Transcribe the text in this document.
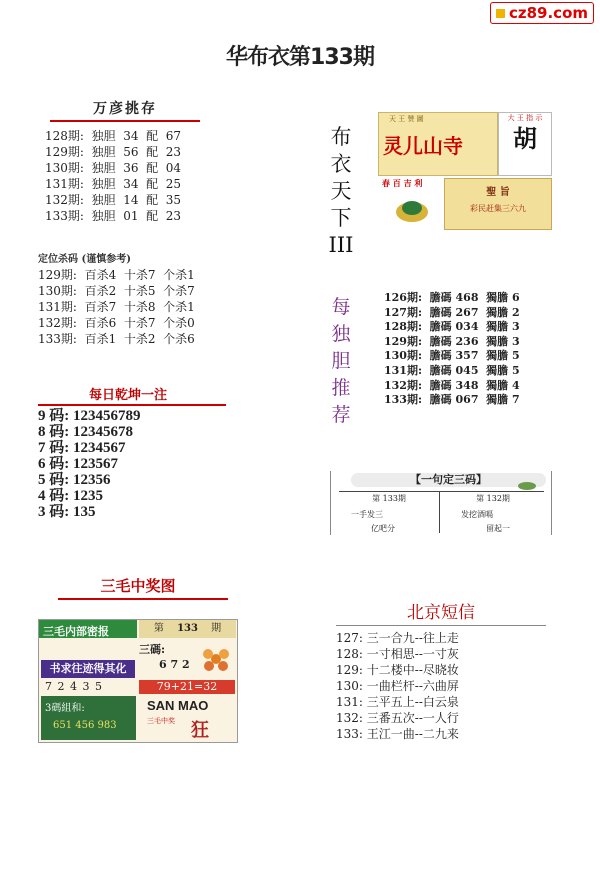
cz89.com
华布衣第133期
万彦挑存
128期:  独胆  34  配  67
129期:  独胆  56  配  23
130期:  独胆  36  配  04
131期:  独胆  34  配  25
132期:  独胆  14  配  35
133期:  独胆  01  配  23
定位杀码 (谨慎参考)
129期:  百杀4  十杀7  个杀1
130期:  百杀2  十杀5  个杀7
131期:  百杀7  十杀8  个杀1
132期:  百杀6  十杀7  个杀0
133期:  百杀1  十杀2  个杀6
每日乾坤一注
9 码: 123456789
8 码: 12345678
7 码: 1234567
6 码: 123567
5 码: 12356
4 码: 1235
3 码: 135
三毛中奖图
三毛内部密报	第 133 期
三碼:
6 7 2
书求往迹得其化
7 2 4 3 5	79+21=32
3碼組和:
651 456 983
SAN MAO
三毛中奖 狂
布
衣
天
下
III
天 王 赞 圖
灵儿山寺
大 王 指 示
胡
春 百 吉 利
聖 旨
彩民赶集三六九
每
独
胆
推
荐
126期:  膽碼 468  獨膽 6
127期:  膽碼 267  獨膽 2
128期:  膽碼 034  獨膽 3
129期:  膽碼 236  獨膽 3
130期:  膽碼 357  獨膽 5
131期:  膽碼 045  獨膽 5
132期:  膽碼 348  獨膽 4
133期:  膽碼 067  獨膽 7
【一句定三码】
第 133期	第 132期
一手发三
亿吧分
发挖酒嗝
留起一
北京短信
127: 三一合九--往上走
128: 一寸相思--一寸灰
129: 十二楼中--尽晓妆
130: 一曲栏杆--六曲屏
131: 三平五上--白云泉
132: 三番五次--一人行
133: 王江一曲--二九来
